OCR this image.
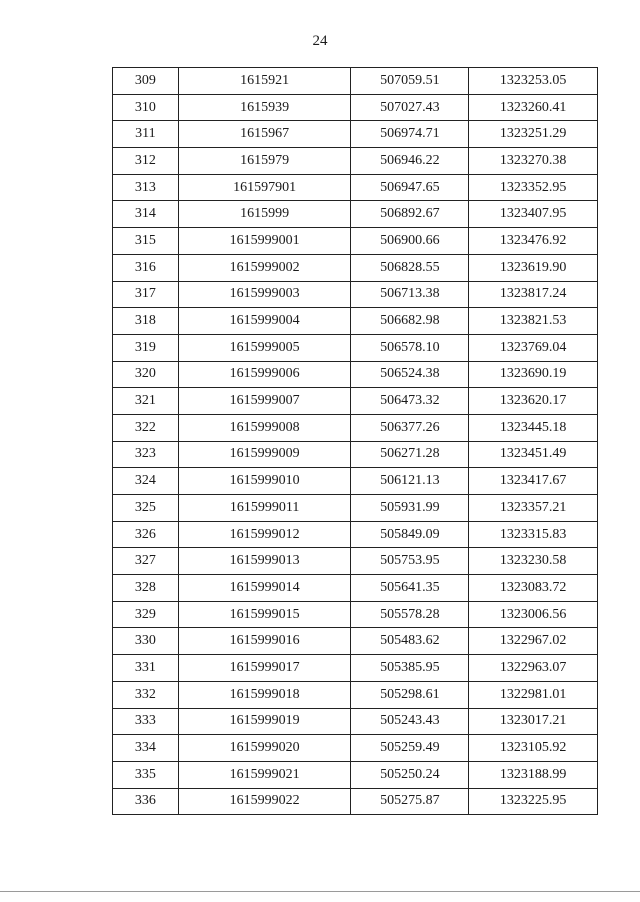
24
309	1615921	507059.51	1323253.05
310	1615939	507027.43	1323260.41
311	1615967	506974.71	1323251.29
312	1615979	506946.22	1323270.38
313	161597901	506947.65	1323352.95
314	1615999	506892.67	1323407.95
315	1615999001	506900.66	1323476.92
316	1615999002	506828.55	1323619.90
317	1615999003	506713.38	1323817.24
318	1615999004	506682.98	1323821.53
319	1615999005	506578.10	1323769.04
320	1615999006	506524.38	1323690.19
321	1615999007	506473.32	1323620.17
322	1615999008	506377.26	1323445.18
323	1615999009	506271.28	1323451.49
324	1615999010	506121.13	1323417.67
325	1615999011	505931.99	1323357.21
326	1615999012	505849.09	1323315.83
327	1615999013	505753.95	1323230.58
328	1615999014	505641.35	1323083.72
329	1615999015	505578.28	1323006.56
330	1615999016	505483.62	1322967.02
331	1615999017	505385.95	1322963.07
332	1615999018	505298.61	1322981.01
333	1615999019	505243.43	1323017.21
334	1615999020	505259.49	1323105.92
335	1615999021	505250.24	1323188.99
336	1615999022	505275.87	1323225.95
